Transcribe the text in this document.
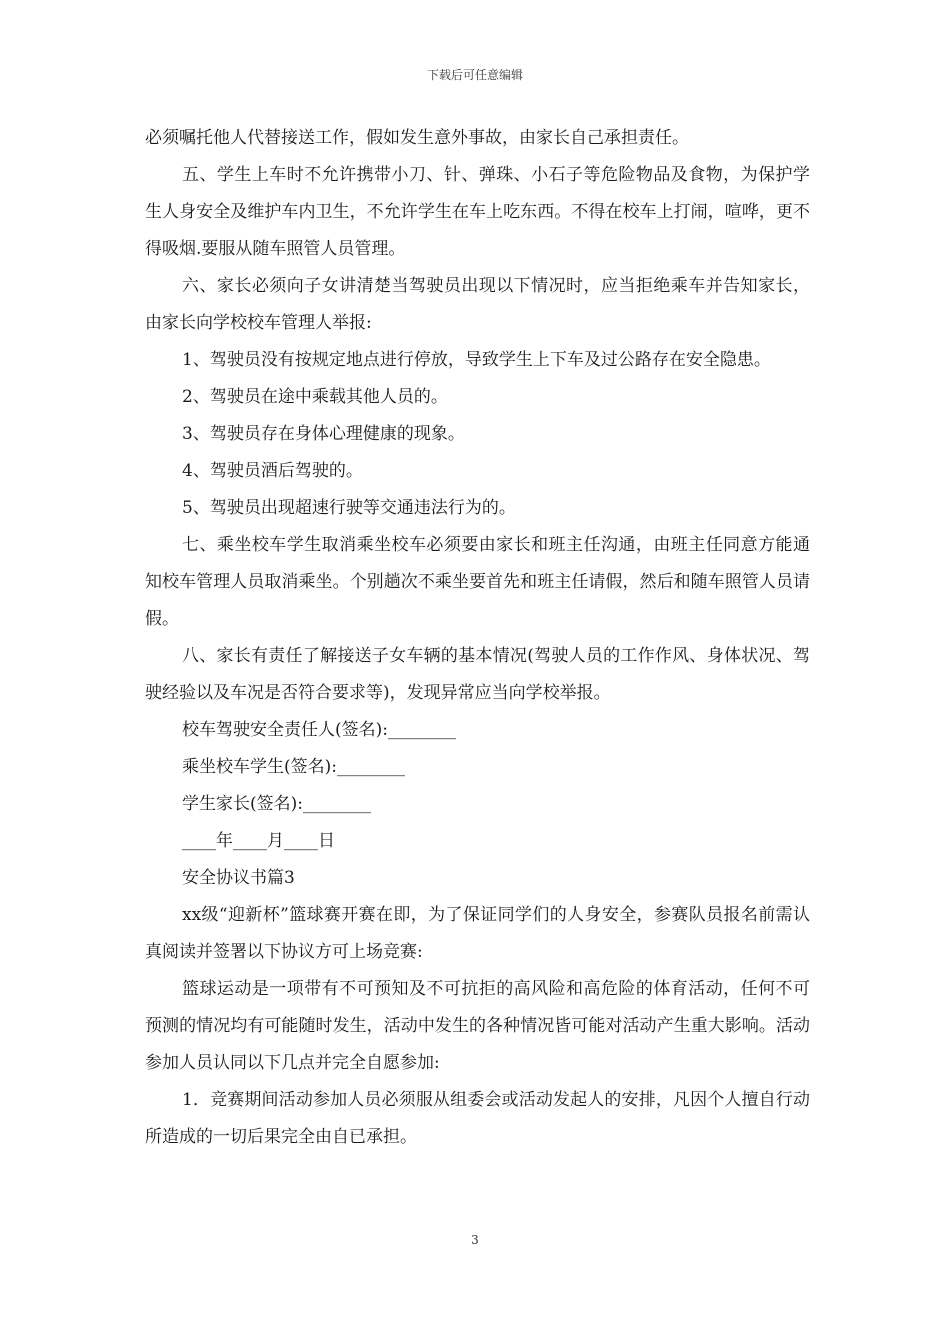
下载后可任意编辑

必须嘱托他人代替接送工作，假如发生意外事故，由家长自己承担责任。

五、学生上车时不允许携带小刀、针、弹珠、小石子等危险物品及食物，为保护学生人身安全及维护车内卫生，不允许学生在车上吃东西。不得在校车上打闹，喧哗，更不得吸烟.要服从随车照管人员管理。

六、家长必须向子女讲清楚当驾驶员出现以下情况时，应当拒绝乘车并告知家长，由家长向学校校车管理人举报:

1、驾驶员没有按规定地点进行停放，导致学生上下车及过公路存在安全隐患。

2、驾驶员在途中乘载其他人员的。

3、驾驶员存在身体心理健康的现象。

4、驾驶员酒后驾驶的。

5、驾驶员出现超速行驶等交通违法行为的。

七、乘坐校车学生取消乘坐校车必须要由家长和班主任沟通，由班主任同意方能通知校车管理人员取消乘坐。个别趟次不乘坐要首先和班主任请假，然后和随车照管人员请假。

八、家长有责任了解接送子女车辆的基本情况(驾驶人员的工作作风、身体状况、驾驶经验以及车况是否符合要求等)，发现异常应当向学校举报。

校车驾驶安全责任人(签名):________

乘坐校车学生(签名):________

学生家长(签名):________

____年____月____日

安全协议书篇3

xx级“迎新杯”篮球赛开赛在即，为了保证同学们的人身安全，参赛队员报名前需认真阅读并签署以下协议方可上场竞赛:

篮球运动是一项带有不可预知及不可抗拒的高风险和高危险的体育活动，任何不可预测的情况均有可能随时发生，活动中发生的各种情况皆可能对活动产生重大影响。活动参加人员认同以下几点并完全自愿参加:

1．竞赛期间活动参加人员必须服从组委会或活动发起人的安排，凡因个人擅自行动所造成的一切后果完全由自已承担。

3
